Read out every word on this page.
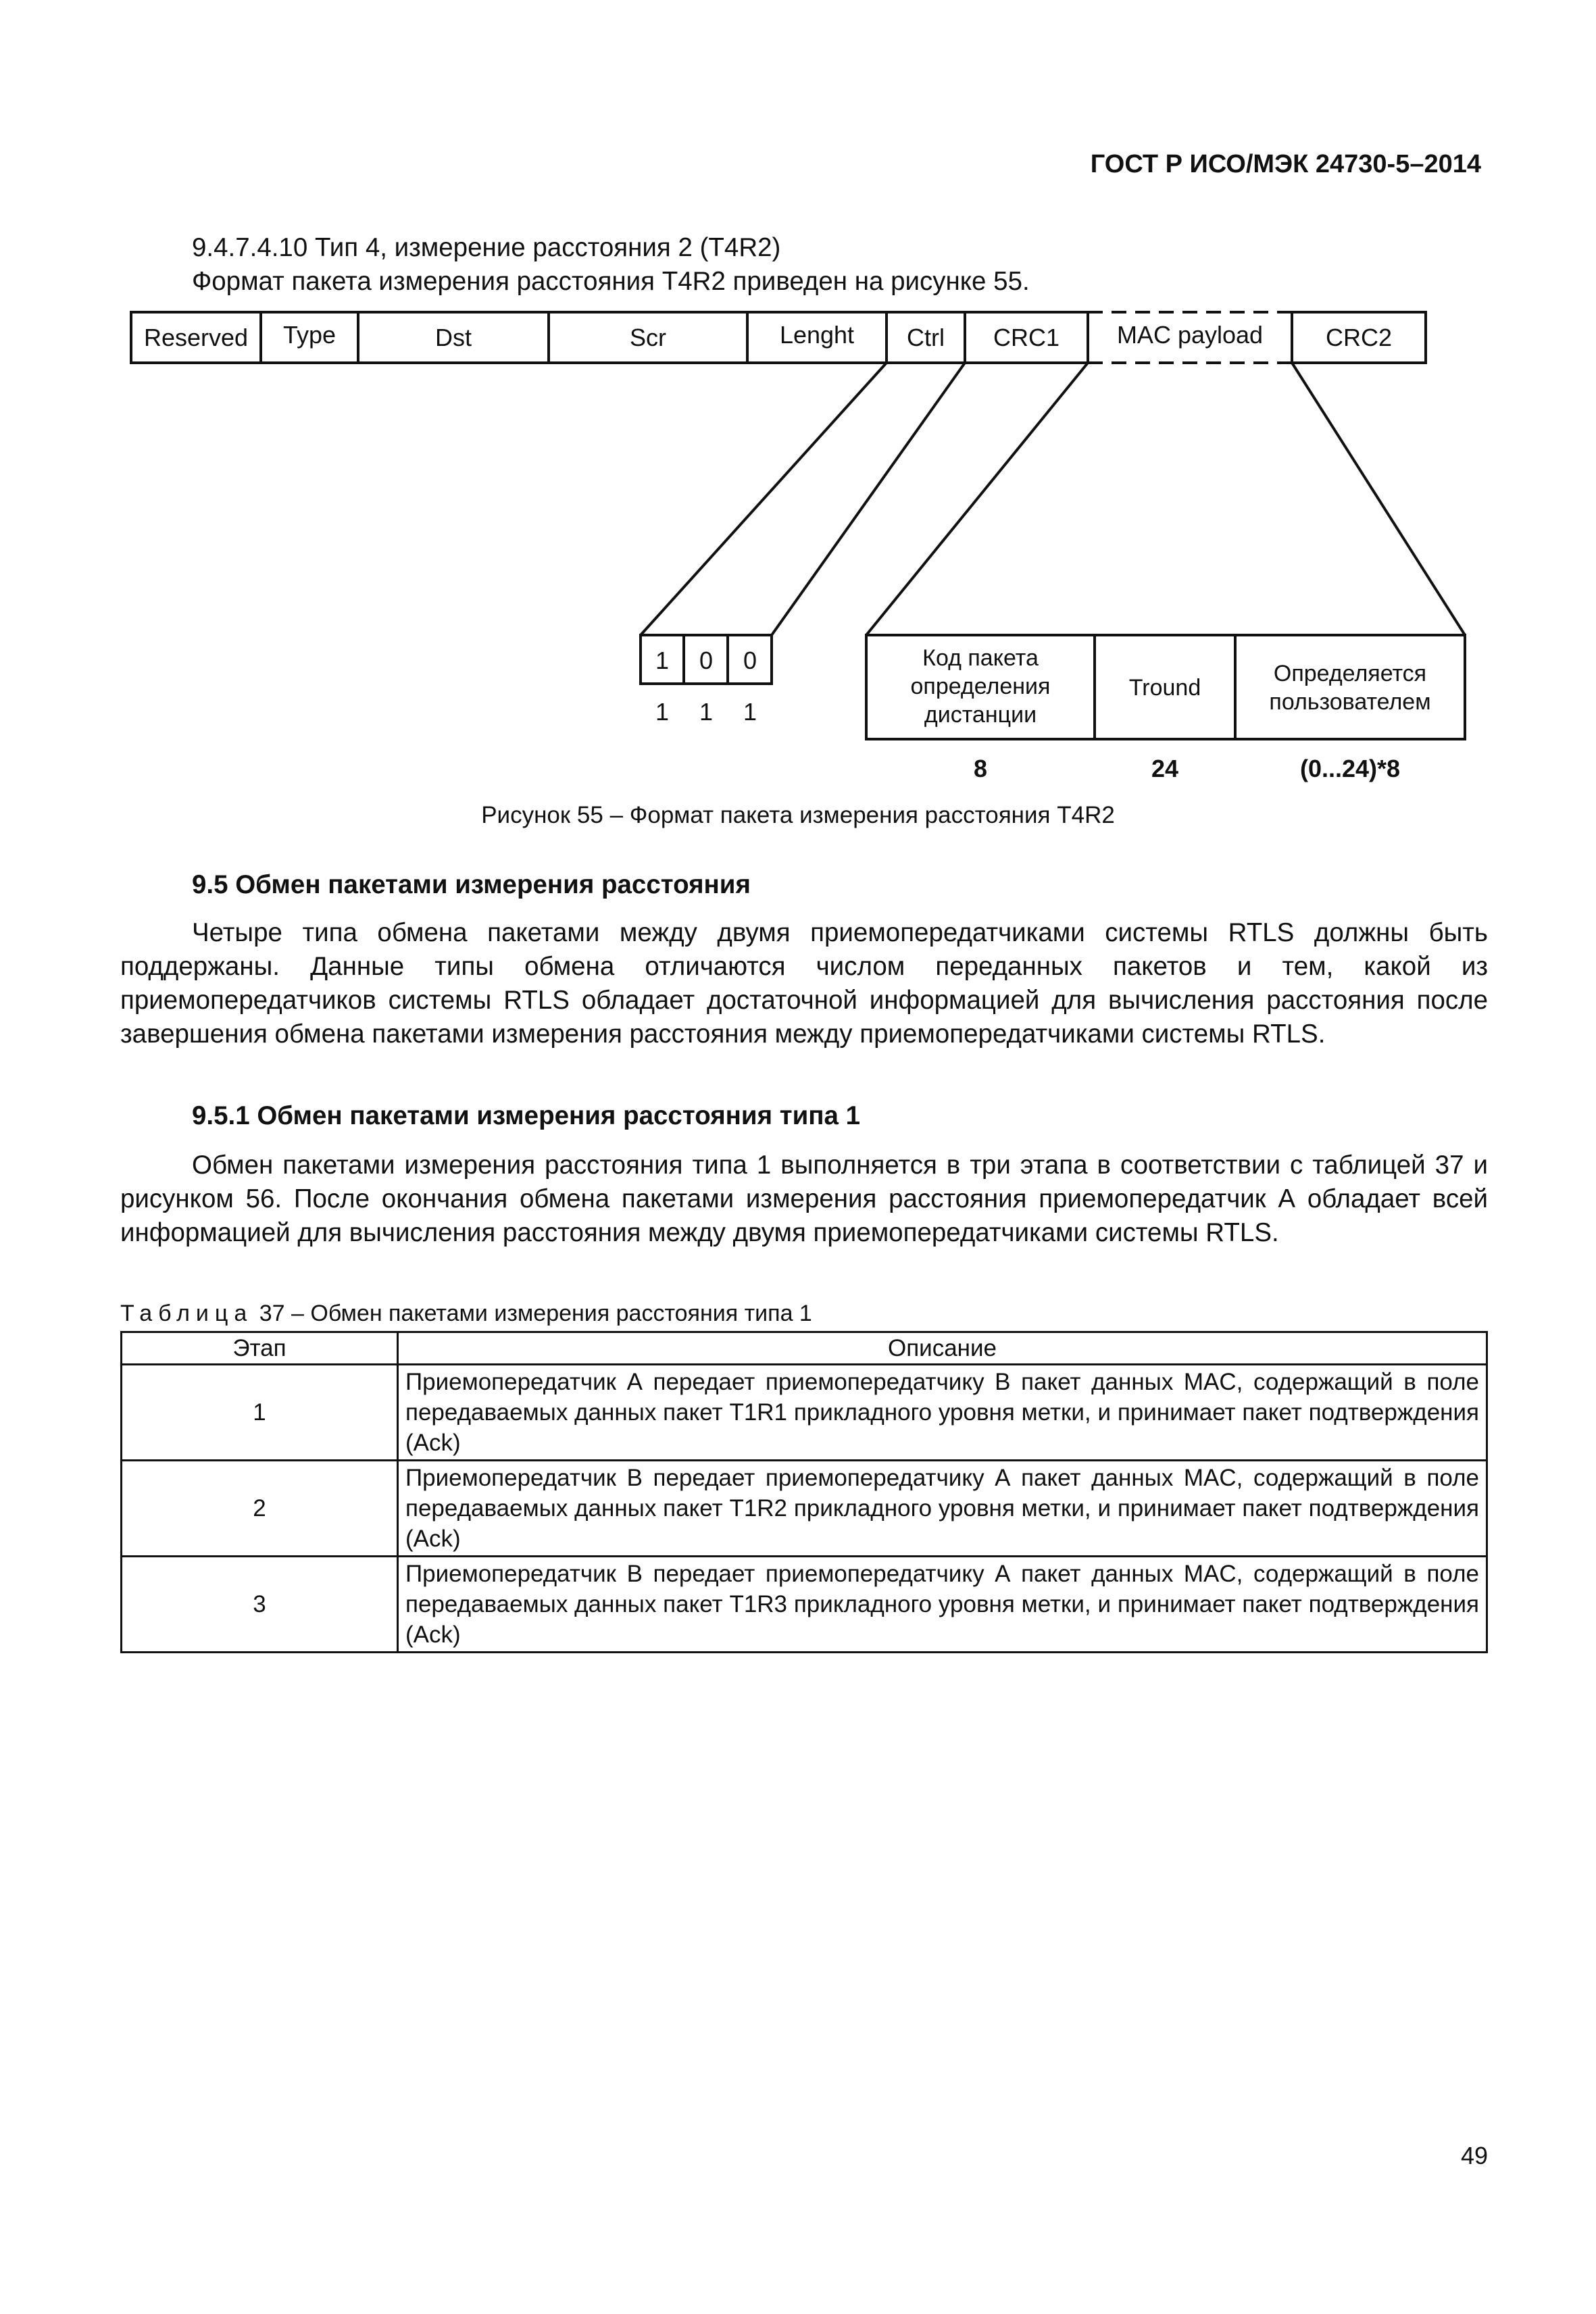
ГОСТ Р ИСО/МЭК 24730-5–2014
9.4.7.4.10 Тип 4, измерение расстояния 2 (T4R2)
Формат пакета измерения расстояния T4R2 приведен на рисунке 55.
Reserved Type	Dst	Scr	Lenght Ctrl CRC1 MAC payload	CRC2
1 0 0
1 1 1
Код пакета
определения
дистанции
Tround
Определяется
пользователем
8	24	(0...24)*8
Рисунок 55 – Формат пакета измерения расстояния T4R2
9.5 Обмен пакетами измерения расстояния
Четыре типа обмена пакетами между двумя приемопередатчиками системы RTLS должны быть поддержаны. Данные типы обмена отличаются числом переданных пакетов и тем, какой из приемопередатчиков системы RTLS обладает достаточной информацией для вычисления расстояния после завершения обмена пакетами измерения расстояния между приемопередатчиками системы RTLS.
9.5.1 Обмен пакетами измерения расстояния типа 1
Обмен пакетами измерения расстояния типа 1 выполняется в три этапа в соответствии с таблицей 37 и рисунком 56. После окончания обмена пакетами измерения расстояния приемопередатчик А обладает всей информацией для вычисления расстояния между двумя приемопередатчиками системы RTLS.
Таблица 37 – Обмен пакетами измерения расстояния типа 1
Этап	Описание
1	Приемопередатчик А передает приемопередатчику В пакет данных MAC, содержащий в поле передаваемых данных пакет T1R1 прикладного уровня метки, и принимает пакет подтверждения (Ack)
2	Приемопередатчик В передает приемопередатчику А пакет данных MAC, содержащий в поле передаваемых данных пакет T1R2 прикладного уровня метки, и принимает пакет подтверждения (Ack)
3	Приемопередатчик В передает приемопередатчику А пакет данных MAC, содержащий в поле передаваемых данных пакет T1R3 прикладного уровня метки, и принимает пакет подтверждения (Ack)
49
